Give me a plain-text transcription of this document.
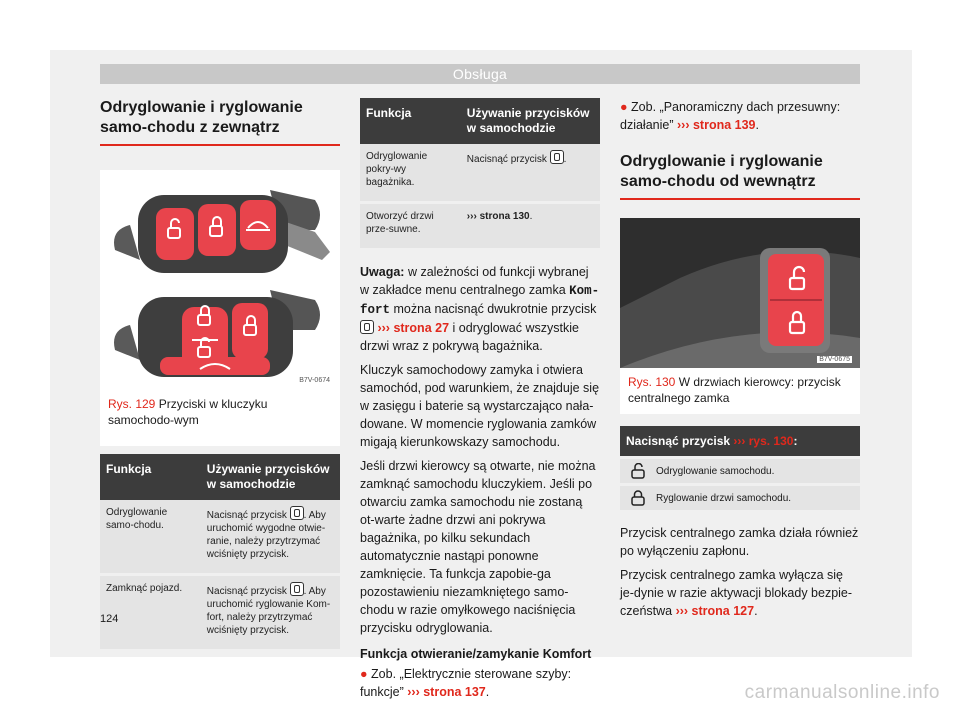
Obsługa
Odryglowanie i ryglowanie samo-chodu z zewnątrz
B7V-0674
Rys. 129 Przyciski w kluczyku samochodo-wym
Funkcja	Używanie przycisków w samochodzie
Odryglowanie samo-chodu.	Nacisnąć przycisk . Aby uruchomić wygodne otwie-ranie, należy przytrzymać wciśnięty przycisk.
Zamknąć pojazd.	Nacisnąć przycisk . Aby uruchomić ryglowanie Kom-fort, należy przytrzymać wciśnięty przycisk.
Funkcja	Używanie przycisków w samochodzie
Odryglowanie pokry-wy bagażnika.	Nacisnąć przycisk .
Otworzyć drzwi prze-suwne.	››› strona 130.

Uwaga: w zależności od funkcji wybranej w zakładce menu centralnego zamka Kom-fort można nacisnąć dwukrotnie przycisk  ››› strona 27 i odryglować wszystkie drzwi wraz z pokrywą bagażnika.

Kluczyk samochodowy zamyka i otwiera samochód, pod warunkiem, że znajduje się w zasięgu i baterie są wystarczająco nała-dowane. W momencie ryglowania zamków migają kierunkowskazy samochodu.

Jeśli drzwi kierowcy są otwarte, nie można zamknąć samochodu kluczykiem. Jeśli po otwarciu zamka samochodu nie zostaną ot-warte żadne drzwi ani pokrywa bagażnika, po kilku sekundach automatycznie nastąpi ponowne zamknięcie. Ta funkcja zapobie-ga pozostawieniu niezamkniętego samo-chodu w razie omyłkowego naciśnięcia przycisku odryglowania.

Funkcja otwieranie/zamykanie Komfort

● Zob. „Elektrycznie sterowane szyby: funkcje” ››› strona 137.

● Zob. „Panoramiczny dach przesuwny: działanie” ››› strona 139.

Odryglowanie i ryglowanie samo-chodu od wewnątrz
B7V-0675
Rys. 130 W drzwiach kierowcy: przycisk centralnego zamka
Nacisnąć przycisk ››› rys. 130:
Odryglowanie samochodu.
Ryglowanie drzwi samochodu.

Przycisk centralnego zamka działa również po wyłączeniu zapłonu.

Przycisk centralnego zamka wyłącza się je-dynie w razie aktywacji blokady bezpie-czeństwa ››› strona 127.

124
carmanualsonline.info
